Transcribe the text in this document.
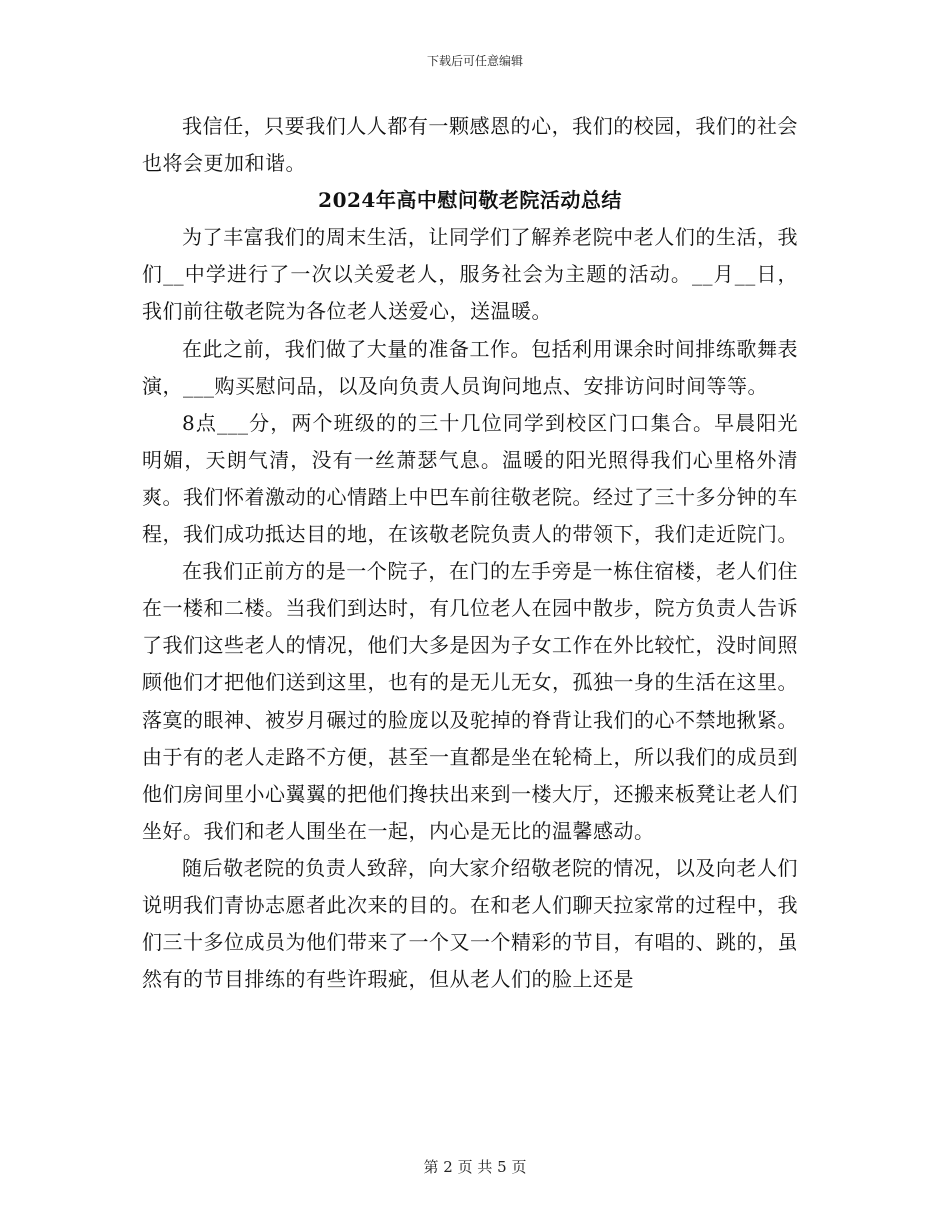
下载后可任意编辑

我信任，只要我们人人都有一颗感恩的心，我们的校园，我们的社会也将会更加和谐。

2024年高中慰问敬老院活动总结

为了丰富我们的周末生活，让同学们了解养老院中老人们的生活，我们__中学进行了一次以关爱老人，服务社会为主题的活动。__月__日，我们前往敬老院为各位老人送爱心，送温暖。

在此之前，我们做了大量的准备工作。包括利用课余时间排练歌舞表演，___购买慰问品，以及向负责人员询问地点、安排访问时间等等。

8点___分，两个班级的的三十几位同学到校区门口集合。早晨阳光明媚，天朗气清，没有一丝萧瑟气息。温暖的阳光照得我们心里格外清爽。我们怀着激动的心情踏上中巴车前往敬老院。经过了三十多分钟的车程，我们成功抵达目的地，在该敬老院负责人的带领下，我们走近院门。

在我们正前方的是一个院子，在门的左手旁是一栋住宿楼，老人们住在一楼和二楼。当我们到达时，有几位老人在园中散步，院方负责人告诉了我们这些老人的情况，他们大多是因为子女工作在外比较忙，没时间照顾他们才把他们送到这里，也有的是无儿无女，孤独一身的生活在这里。落寞的眼神、被岁月碾过的脸庞以及驼掉的脊背让我们的心不禁地揪紧。由于有的老人走路不方便，甚至一直都是坐在轮椅上，所以我们的成员到他们房间里小心翼翼的把他们搀扶出来到一楼大厅，还搬来板凳让老人们坐好。我们和老人围坐在一起，内心是无比的温馨感动。

随后敬老院的负责人致辞，向大家介绍敬老院的情况，以及向老人们说明我们青协志愿者此次来的目的。在和老人们聊天拉家常的过程中，我们三十多位成员为他们带来了一个又一个精彩的节目，有唱的、跳的，虽然有的节目排练的有些许瑕疵，但从老人们的脸上还是

第 2 页 共 5 页
